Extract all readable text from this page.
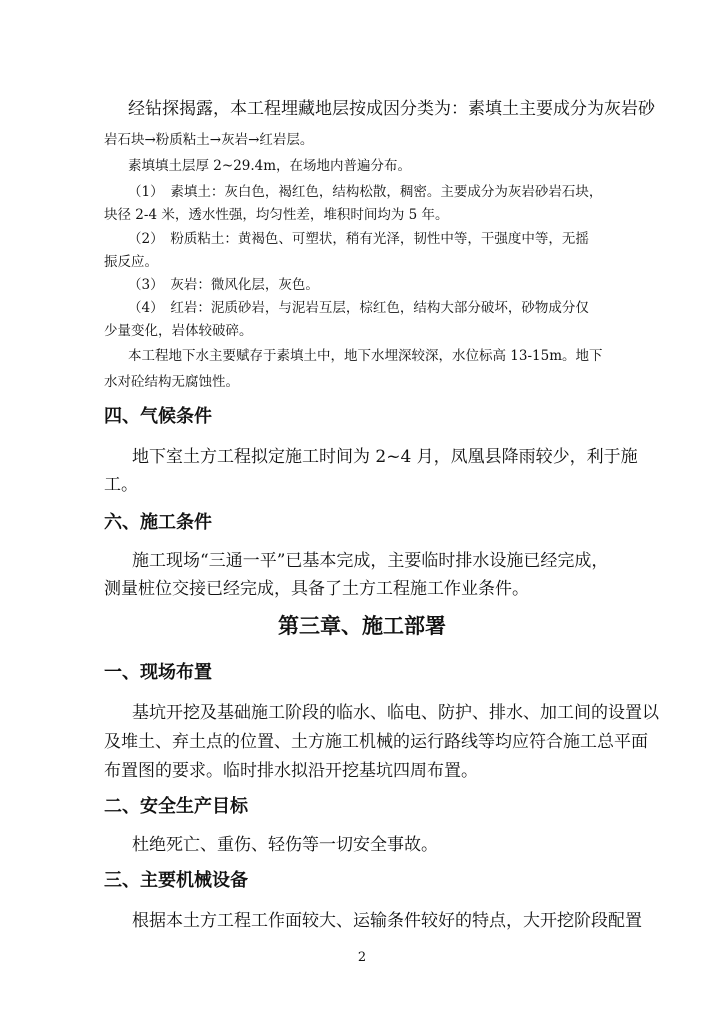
经钻探揭露，本工程埋藏地层按成因分类为：素填土主要成分为灰岩砂
岩石块→粉质粘土→灰岩→红岩层。
素填填土层厚 2~29.4m，在场地内普遍分布。
（1）　素填土：灰白色，褐红色，结构松散，稠密。主要成分为灰岩砂岩石块，
块径 2-4 米，透水性强，均匀性差，堆积时间均为 5 年。
（2）　粉质粘土：黄褐色、可塑状，稍有光泽，韧性中等，干强度中等，无摇
振反应。
（3）　灰岩：微风化层，灰色。
（4）　红岩：泥质砂岩，与泥岩互层，棕红色，结构大部分破坏，砂物成分仅
少量变化，岩体较破碎。
本工程地下水主要赋存于素填土中，地下水埋深较深，水位标高 13-15m。地下
水对砼结构无腐蚀性。
四、气候条件
地下室土方工程拟定施工时间为 2~4 月，凤凰县降雨较少，利于施
工。
六、施工条件
施工现场“三通一平”已基本完成，主要临时排水设施已经完成，
测量桩位交接已经完成，具备了土方工程施工作业条件。
第三章、施工部署
一、现场布置
基坑开挖及基础施工阶段的临水、临电、防护、排水、加工间的设置以
及堆土、弃土点的位置、土方施工机械的运行路线等均应符合施工总平面
布置图的要求。临时排水拟沿开挖基坑四周布置。
二、安全生产目标
杜绝死亡、重伤、轻伤等一切安全事故。
三、主要机械设备
根据本土方工程工作面较大、运输条件较好的特点，大开挖阶段配置
2
